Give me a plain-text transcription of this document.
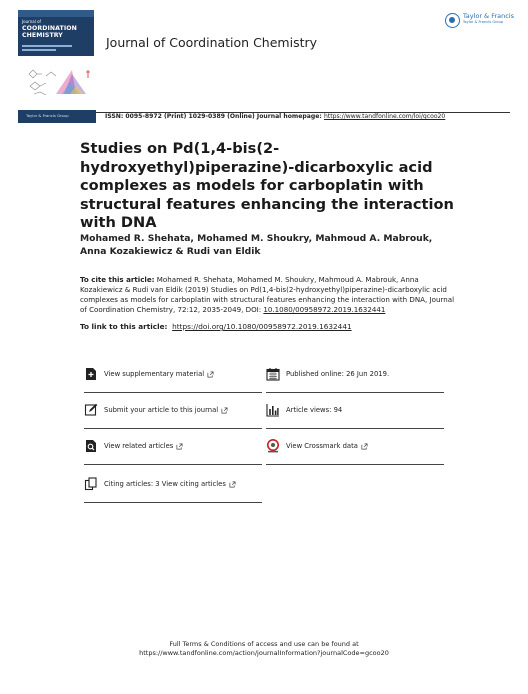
Journal of
COORDINATION CHEMISTRY	Journal of Coordination Chemistry
Taylor & Francis
Taylor & Francis Group
Taylor & Francis Group	ISSN: 0095-8972 (Print) 1029-0389 (Online) Journal homepage: https://www.tandfonline.com/loi/gcoo20
Studies on Pd(1,4-bis(2-hydroxyethyl)piperazine)-dicarboxylic acid complexes as models for carboplatin with structural features enhancing the interaction with DNA
Mohamed R. Shehata, Mohamed M. Shoukry, Mahmoud A. Mabrouk, Anna Kozakiewicz & Rudi van Eldik
To cite this article: Mohamed R. Shehata, Mohamed M. Shoukry, Mahmoud A. Mabrouk, Anna Kozakiewicz & Rudi van Eldik (2019) Studies on Pd(1,4-bis(2-hydroxyethyl)piperazine)-dicarboxylic acid complexes as models for carboplatin with structural features enhancing the interaction with DNA, Journal of Coordination Chemistry, 72:12, 2035-2049, DOI: 10.1080/00958972.2019.1632441
To link to this article: https://doi.org/10.1080/00958972.2019.1632441
View supplementary material
Submit your article to this journal
View related articles
Citing articles: 3 View citing articles
Published online: 26 Jun 2019.
Article views: 94
View Crossmark data
Full Terms & Conditions of access and use can be found at
https://www.tandfonline.com/action/journalInformation?journalCode=gcoo20
